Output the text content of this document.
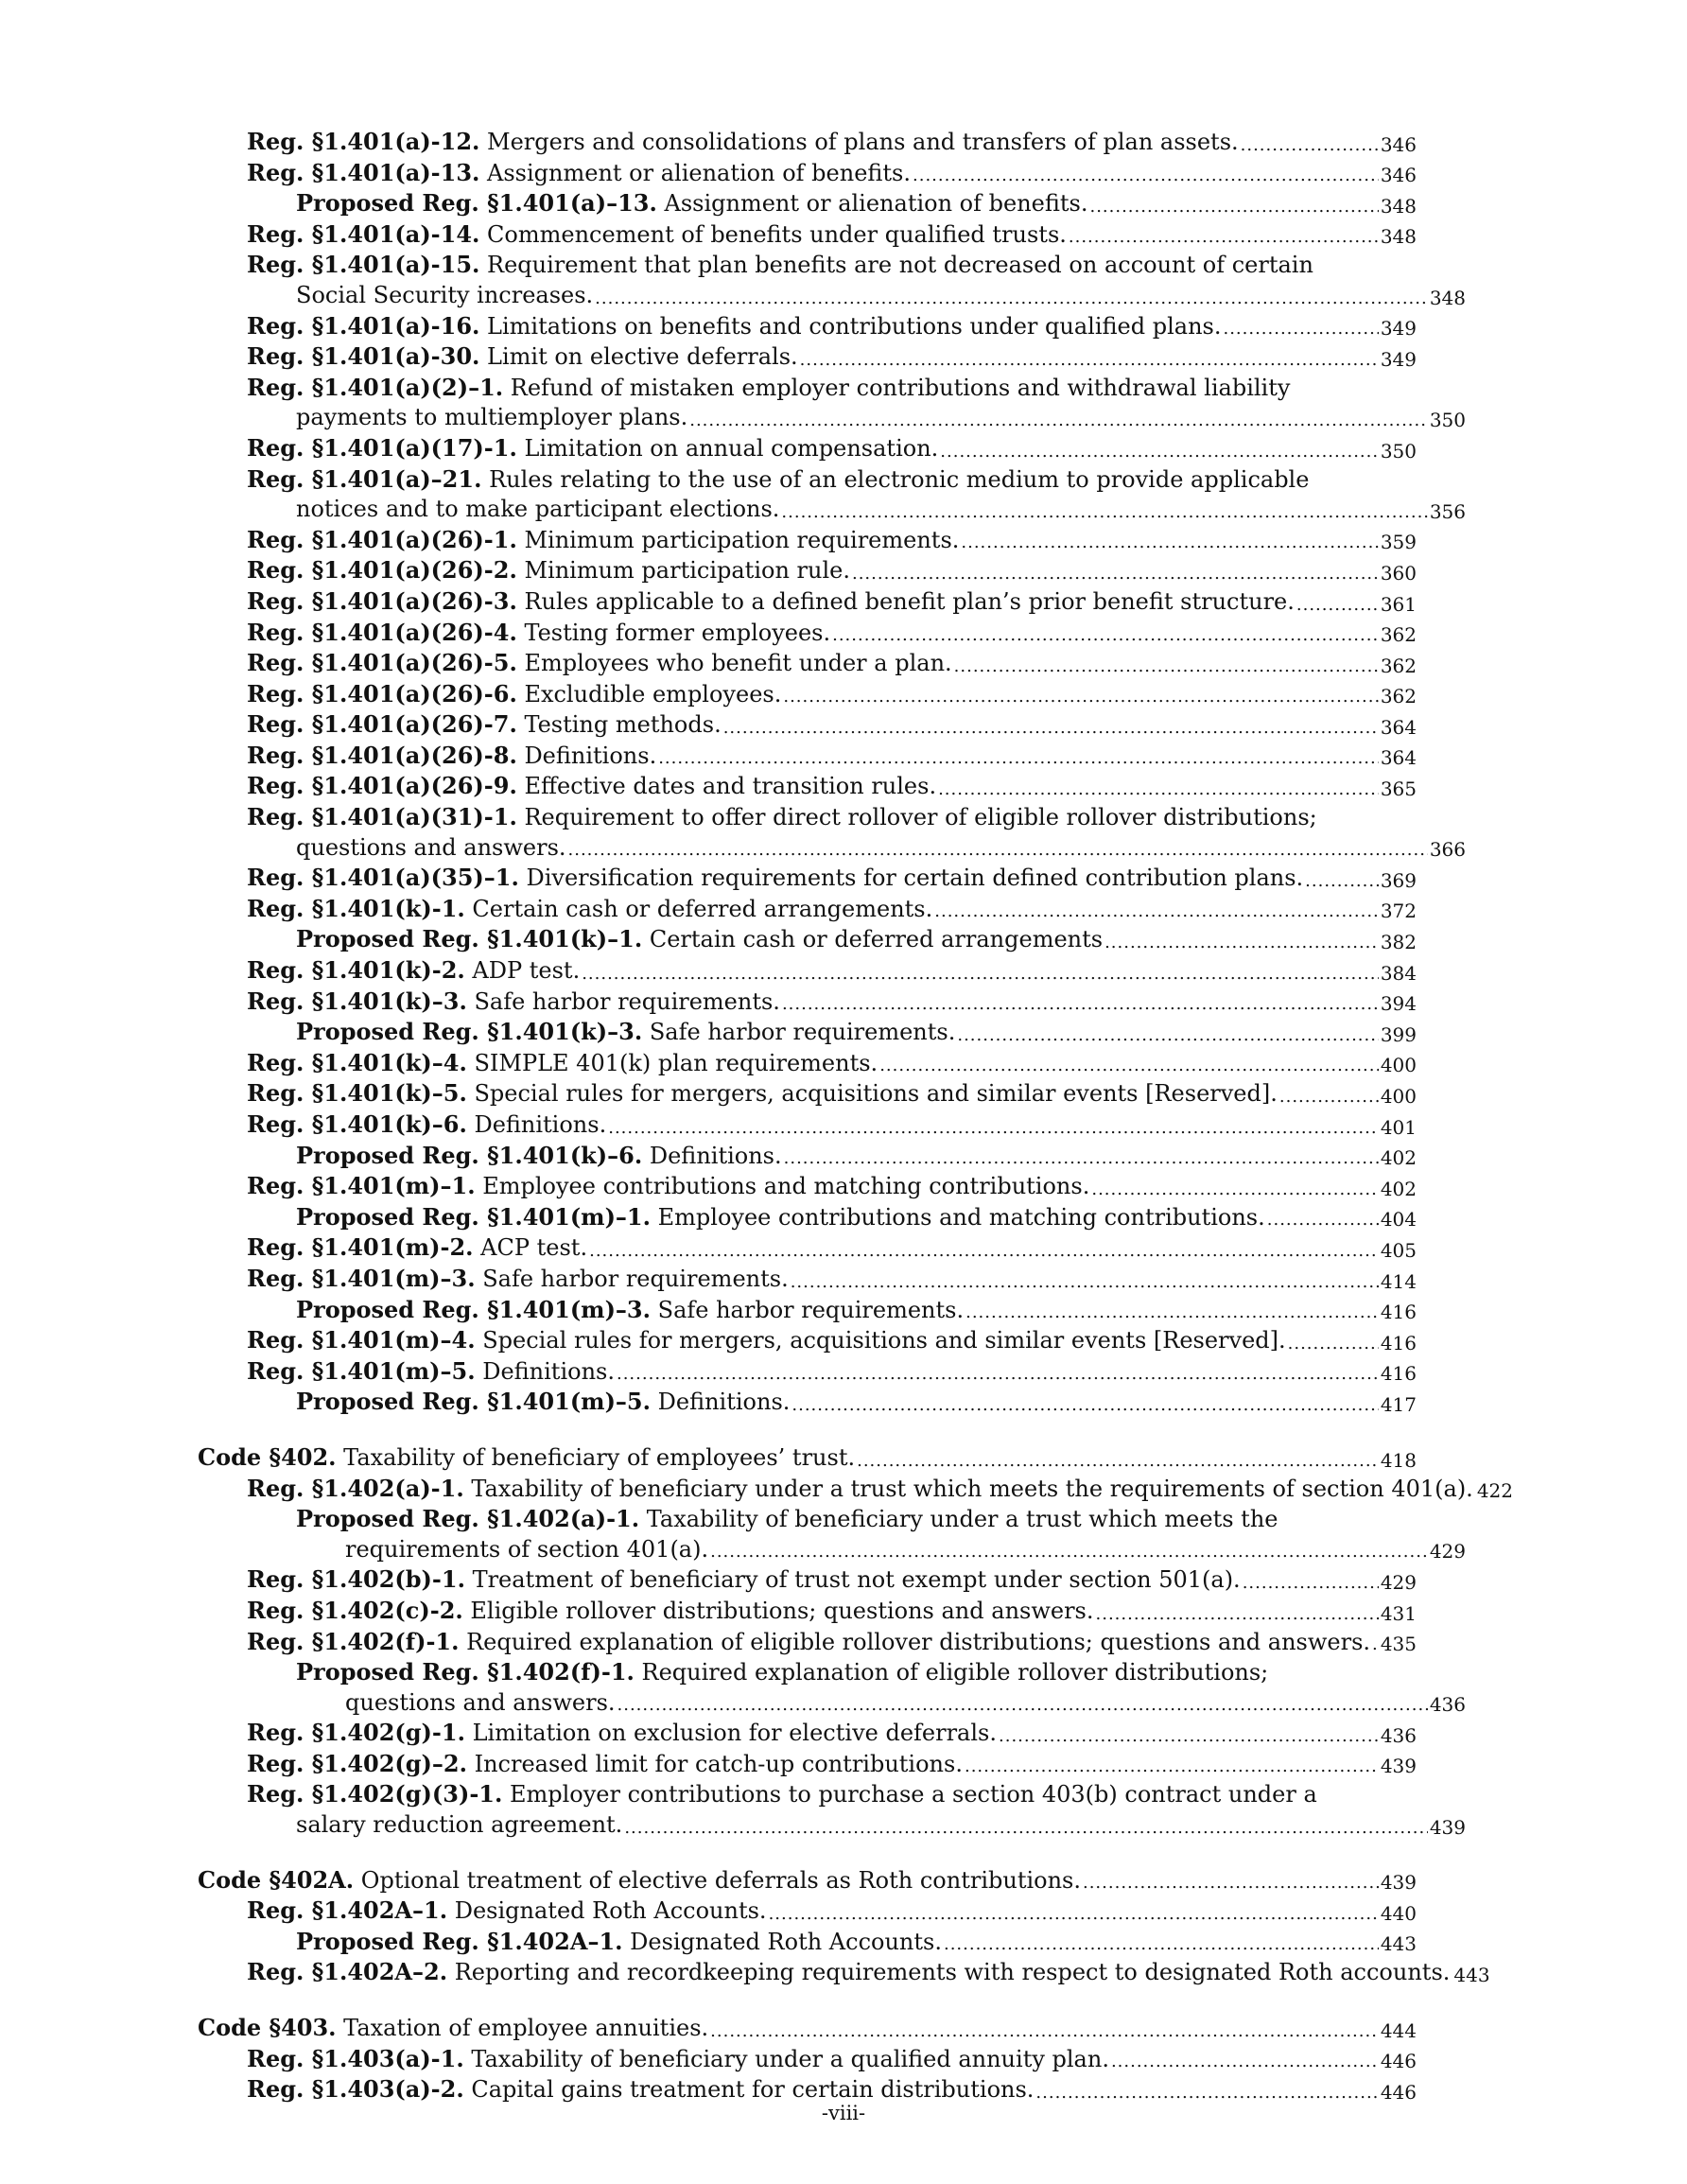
Reg. §1.401(a)-12. Mergers and consolidations of plans and transfers of plan assets. .....	346
Reg. §1.401(a)-13. Assignment or alienation of benefits. .....	346
Proposed Reg. §1.401(a)–13. Assignment or alienation of benefits. .....	348
Reg. §1.401(a)-14. Commencement of benefits under qualified trusts. .....	348
Reg. §1.401(a)-15. Requirement that plan benefits are not decreased on account of certain
Social Security increases. .....	348
Reg. §1.401(a)-16. Limitations on benefits and contributions under qualified plans. .....	349
Reg. §1.401(a)-30. Limit on elective deferrals. .....	349
Reg. §1.401(a)(2)–1. Refund of mistaken employer contributions and withdrawal liability
payments to multiemployer plans. .....	350
Reg. §1.401(a)(17)-1. Limitation on annual compensation. .....	350
Reg. §1.401(a)–21. Rules relating to the use of an electronic medium to provide applicable
notices and to make participant elections. .....	356
Reg. §1.401(a)(26)-1. Minimum participation requirements. .....	359
Reg. §1.401(a)(26)-2. Minimum participation rule. .....	360
Reg. §1.401(a)(26)-3. Rules applicable to a defined benefit plan’s prior benefit structure. .....	361
Reg. §1.401(a)(26)-4. Testing former employees. .....	362
Reg. §1.401(a)(26)-5. Employees who benefit under a plan. .....	362
Reg. §1.401(a)(26)-6. Excludible employees. .....	362
Reg. §1.401(a)(26)-7. Testing methods. .....	364
Reg. §1.401(a)(26)-8. Definitions. .....	364
Reg. §1.401(a)(26)-9. Effective dates and transition rules. .....	365
Reg. §1.401(a)(31)-1. Requirement to offer direct rollover of eligible rollover distributions;
questions and answers. .....	366
Reg. §1.401(a)(35)–1. Diversification requirements for certain defined contribution plans. .....	369
Reg. §1.401(k)-1. Certain cash or deferred arrangements. .....	372
Proposed Reg. §1.401(k)–1. Certain cash or deferred arrangements .....	382
Reg. §1.401(k)-2. ADP test. .....	384
Reg. §1.401(k)–3. Safe harbor requirements. .....	394
Proposed Reg. §1.401(k)–3. Safe harbor requirements. .....	399
Reg. §1.401(k)–4. SIMPLE 401(k) plan requirements. .....	400
Reg. §1.401(k)–5. Special rules for mergers, acquisitions and similar events [Reserved]. .....	400
Reg. §1.401(k)–6. Definitions. .....	401
Proposed Reg. §1.401(k)–6. Definitions. .....	402
Reg. §1.401(m)–1. Employee contributions and matching contributions. .....	402
Proposed Reg. §1.401(m)–1. Employee contributions and matching contributions. .....	404
Reg. §1.401(m)-2. ACP test. .....	405
Reg. §1.401(m)–3. Safe harbor requirements. .....	414
Proposed Reg. §1.401(m)–3. Safe harbor requirements. .....	416
Reg. §1.401(m)–4. Special rules for mergers, acquisitions and similar events [Reserved]. .....	416
Reg. §1.401(m)–5. Definitions. .....	416
Proposed Reg. §1.401(m)–5. Definitions. .....	417
Code §402. Taxability of beneficiary of employees’ trust. .....	418
Reg. §1.402(a)-1. Taxability of beneficiary under a trust which meets the requirements of section 401(a). 422
Proposed Reg. §1.402(a)-1. Taxability of beneficiary under a trust which meets the
requirements of section 401(a). .....	429
Reg. §1.402(b)-1. Treatment of beneficiary of trust not exempt under section 501(a). .....	429
Reg. §1.402(c)-2. Eligible rollover distributions; questions and answers. .....	431
Reg. §1.402(f)-1. Required explanation of eligible rollover distributions; questions and answers. ..... 435
Proposed Reg. §1.402(f)-1. Required explanation of eligible rollover distributions;
questions and answers. .....	436
Reg. §1.402(g)-1. Limitation on exclusion for elective deferrals. .....	436
Reg. §1.402(g)–2. Increased limit for catch-up contributions. .....	439
Reg. §1.402(g)(3)-1. Employer contributions to purchase a section 403(b) contract under a
salary reduction agreement. .....	439
Code §402A. Optional treatment of elective deferrals as Roth contributions. .....	439
Reg. §1.402A–1. Designated Roth Accounts. .....	440
Proposed Reg. §1.402A–1. Designated Roth Accounts. .....	443
Reg. §1.402A–2. Reporting and recordkeeping requirements with respect to designated Roth accounts. 443
Code §403. Taxation of employee annuities. .....	444
Reg. §1.403(a)-1. Taxability of beneficiary under a qualified annuity plan. .....	446
Reg. §1.403(a)-2. Capital gains treatment for certain distributions. .....	446
-viii-
